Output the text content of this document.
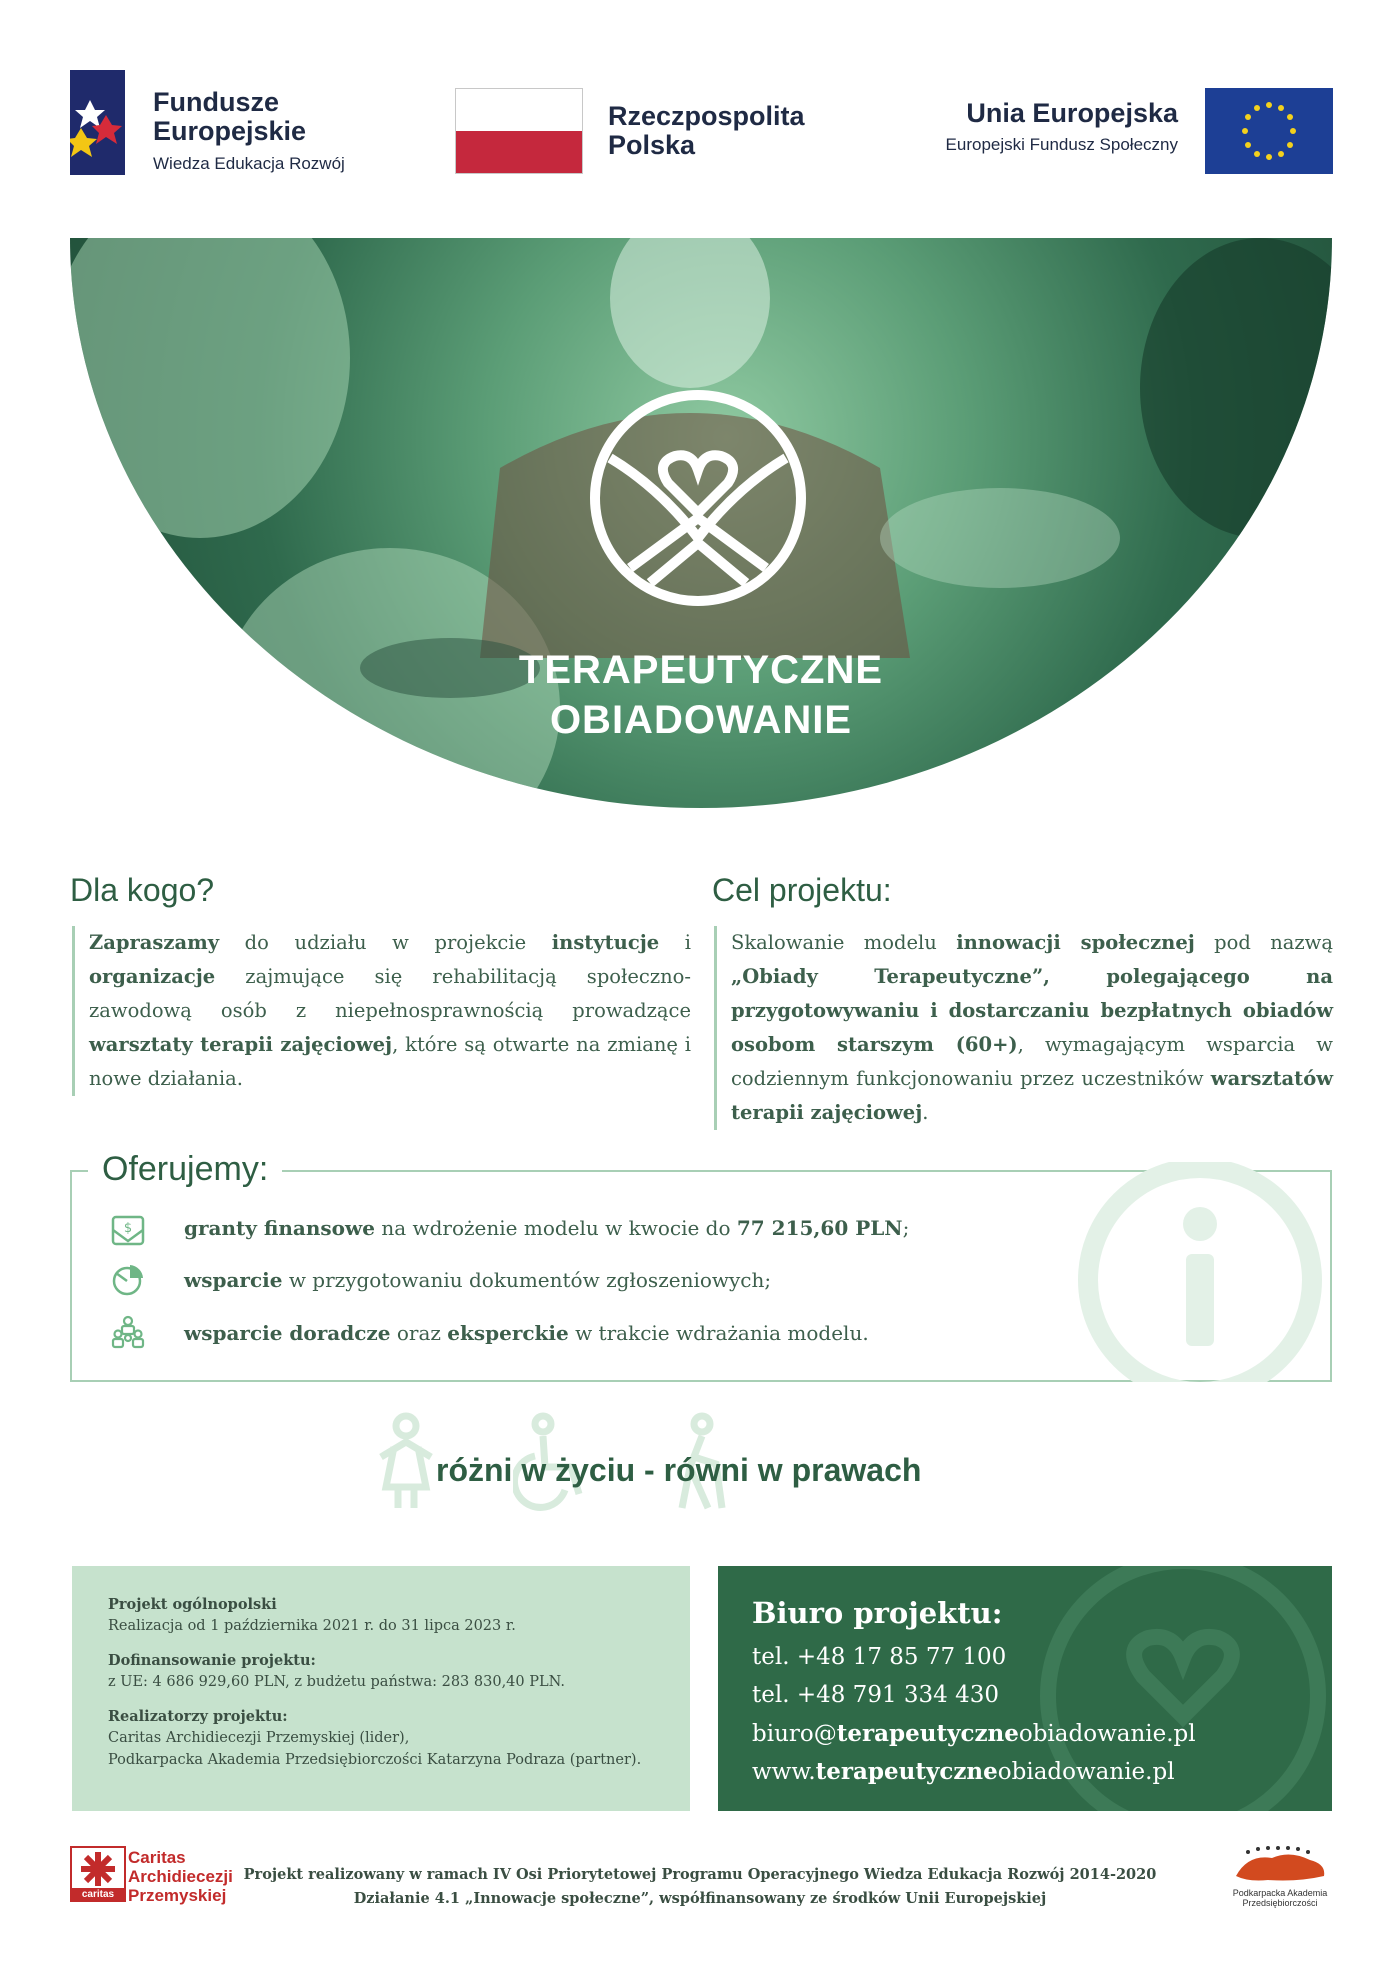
Fundusze
Europejskie
Wiedza Edukacja Rozwój
Rzeczpospolita
Polska
Unia Europejska
Europejski Fundusz Społeczny
TERAPEUTYCZNE
OBIADOWANIE
Dla kogo?
Zapraszamy do udziału w projekcie instytucje i organizacje zajmujące się rehabilitacją społeczno-zawodową osób z niepełnosprawnością prowadzące warsztaty terapii zajęciowej, które są otwarte na zmianę i nowe działania.
Cel projektu:
Skalowanie modelu innowacji społecznej pod nazwą „Obiady Terapeutyczne”, polegającego na przygotowywaniu i dostarczaniu bezpłatnych obiadów osobom starszym (60+), wymagającym wsparcia w codziennym funkcjonowaniu przez uczestników warsztatów terapii zajęciowej.
Oferujemy:
$	granty finansowe na wdrożenie modelu w kwocie do 77 215,60 PLN;
wsparcie w przygotowaniu dokumentów zgłoszeniowych;
wsparcie doradcze oraz eksperckie w trakcie wdrażania modelu.
różni w życiu - równi w prawach
Projekt ogólnopolski
Realizacja od 1 października 2021 r. do 31 lipca 2023 r.
Dofinansowanie projektu:
z UE: 4 686 929,60 PLN, z budżetu państwa: 283 830,40 PLN.
Realizatorzy projektu:
Caritas Archidiecezji Przemyskiej (lider),
Podkarpacka Akademia Przedsiębiorczości Katarzyna Podraza (partner).
Biuro projektu:
tel. +48 17 85 77 100
tel. +48 791 334 430
biuro@terapeutyczneobiadowanie.pl
www.terapeutyczneobiadowanie.pl
caritas
Caritas
Archidiecezji
Przemyskiej
Projekt realizowany w ramach IV Osi Priorytetowej Programu Operacyjnego Wiedza Edukacja Rozwój 2014-2020
Działanie 4.1 „Innowacje społeczne”, współfinansowany ze środków Unii Europejskiej	Podkarpacka Akademia
Przedsiębiorczości
